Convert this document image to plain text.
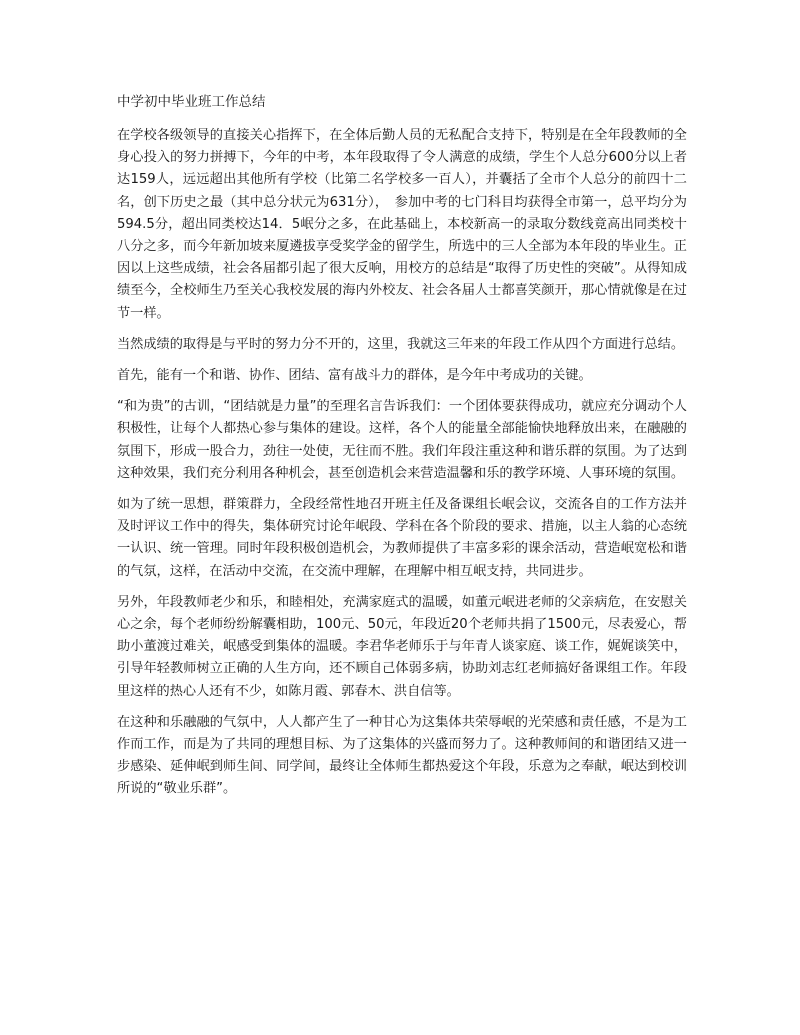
中学初中毕业班工作总结

在学校各级领导的直接关心指挥下，在全体后勤人员的无私配合支持下，特别是在全年段教师的全身心投入的努力拼搏下，今年的中考，本年段取得了令人满意的成绩，学生个人总分600分以上者达159人，远远超出其他所有学校（比第二名学校多一百人），并囊括了全市个人总分的前四十二名，创下历史之最（其中总分状元为631分），　参加中考的七门科目均获得全市第一，总平均分为594.5分，超出同类校达14．5岷分之多，在此基础上，本校新高一的录取分数线竟高出同类校十八分之多，而今年新加坡来厦遴拔享受奖学金的留学生，所选中的三人全部为本年段的毕业生。正因以上这些成绩，社会各届都引起了很大反响，用校方的总结是“取得了历史性的突破”。从得知成绩至今，全校师生乃至关心我校发展的海内外校友、社会各届人士都喜笑颜开，那心情就像是在过节一样。

当然成绩的取得是与平时的努力分不开的，这里，我就这三年来的年段工作从四个方面进行总结。

首先，能有一个和谐、协作、团结、富有战斗力的群体，是今年中考成功的关键。

“和为贵”的古训，“团结就是力量”的至理名言告诉我们：一个团体要获得成功，就应充分调动个人积极性，让每个人都热心参与集体的建设。这样，各个人的能量全部能愉快地释放出来，在融融的氛围下，形成一股合力，劲往一处使，无往而不胜。我们年段注重这种和谐乐群的氛围。为了达到这种效果，我们充分利用各种机会，甚至创造机会来营造温馨和乐的教学环境、人事环境的氛围。

如为了统一思想，群策群力，全段经常性地召开班主任及备课组长岷会议，交流各自的工作方法并及时评议工作中的得失，集体研究讨论年岷段、学科在各个阶段的要求、措施，以主人翁的心态统一认识、统一管理。同时年段积极创造机会，为教师提供了丰富多彩的课余活动，营造岷宽松和谐的气氛，这样，在活动中交流，在交流中理解，在理解中相互岷支持，共同进步。

另外，年段教师老少和乐，和睦相处，充满家庭式的温暖，如董元岷进老师的父亲病危，在安慰关心之余，每个老师纷纷解囊相助，100元、50元，年段近20个老师共捐了1500元，尽表爱心，帮助小董渡过难关，岷感受到集体的温暖。李君华老师乐于与年青人谈家庭、谈工作，娓娓谈笑中，引导年轻教师树立正确的人生方向，还不顾自己体弱多病，协助刘志红老师搞好备课组工作。年段里这样的热心人还有不少，如陈月霞、郭春木、洪自信等。

在这种和乐融融的气氛中，人人都产生了一种甘心为这集体共荣辱岷的光荣感和责任感，不是为工作而工作，而是为了共同的理想目标、为了这集体的兴盛而努力了。这种教师间的和谐团结又进一步感染、延伸岷到师生间、同学间，最终让全体师生都热爱这个年段，乐意为之奉献，岷达到校训所说的“敬业乐群”。
